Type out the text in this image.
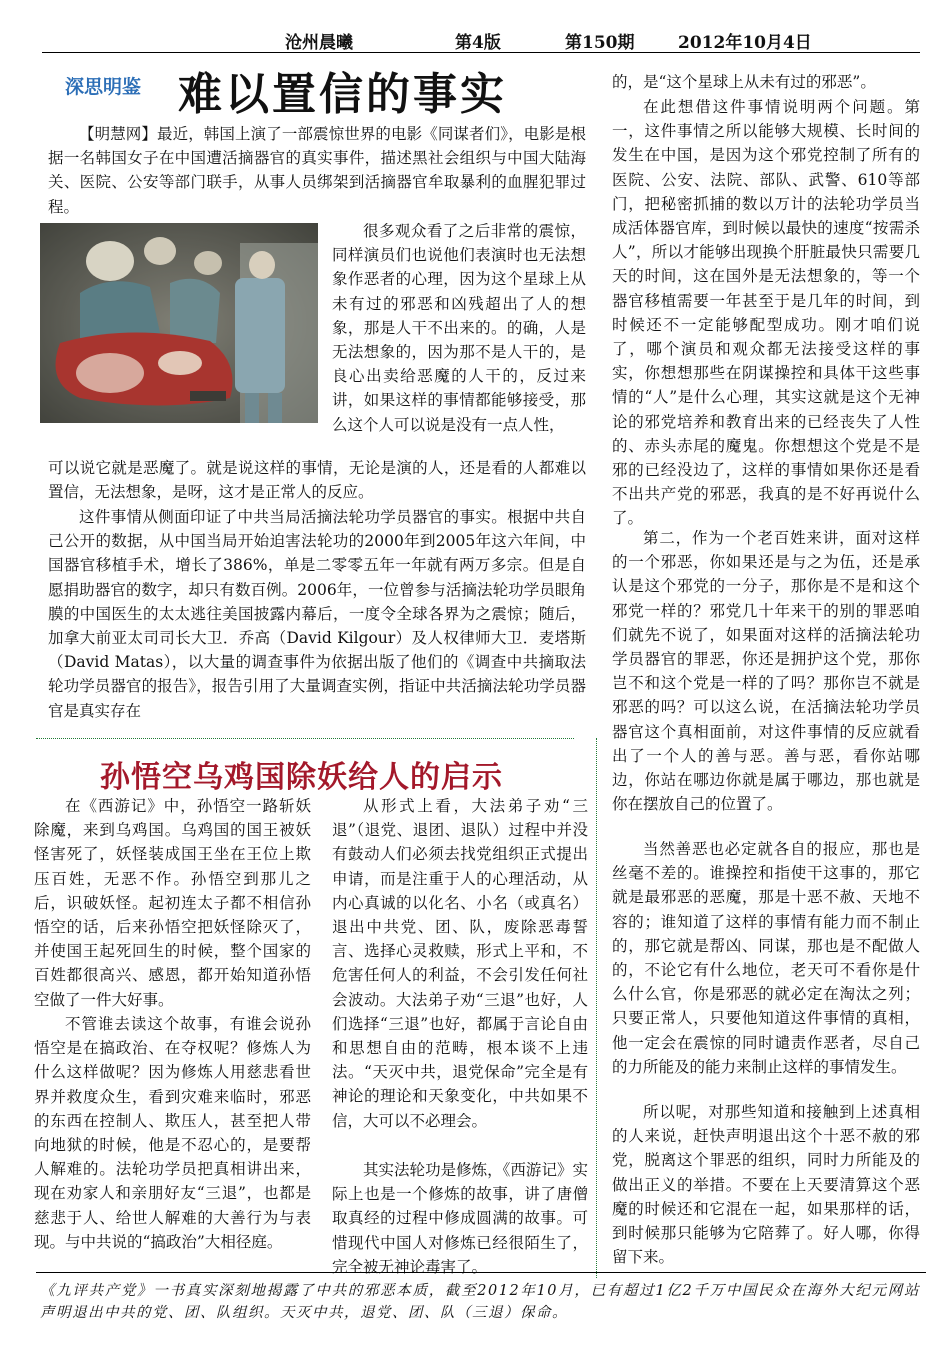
沧州晨曦	第4版	第150期	2012年10月4日
深思明鉴 难以置信的事实

【明慧网】最近，韩国上演了一部震惊世界的电影《同谋者们》，电影是根据一名韩国女子在中国遭活摘器官的真实事件，描述黑社会组织与中国大陆海关、医院、公安等部门联手，从事人员绑架到活摘器官牟取暴利的血腥犯罪过程。

很多观众看了之后非常的震惊，同样演员们也说他们表演时也无法想象作恶者的心理，因为这个星球上从未有过的邪恶和凶残超出了人的想象，那是人干不出来的。的确，人是无法想象的，因为那不是人干的，是良心出卖给恶魔的人干的，反过来讲，如果这样的事情都能够接受，那么这个人可以说是没有一点人性，

可以说它就是恶魔了。就是说这样的事情，无论是演的人，还是看的人都难以置信，无法想象，是呀，这才是正常人的反应。

这件事情从侧面印证了中共当局活摘法轮功学员器官的事实。根据中共自己公开的数据，从中国当局开始迫害法轮功的2000年到2005年这六年间，中国器官移植手术，增长了386%，单是二零零五年一年就有两万多宗。但是自愿捐助器官的数字，却只有数百例。2006年，一位曾参与活摘法轮功学员眼角膜的中国医生的太太逃往美国披露内幕后，一度令全球各界为之震惊；随后，加拿大前亚太司司长大卫．乔高（David Kilgour）及人权律师大卫．麦塔斯（David Matas），以大量的调查事件为依据出版了他们的《调查中共摘取法轮功学员器官的报告》，报告引用了大量调查实例，指证中共活摘法轮功学员器官是真实存在

的，是“这个星球上从未有过的邪恶”。

在此想借这件事情说明两个问题。第一，这件事情之所以能够大规模、长时间的发生在中国，是因为这个邪党控制了所有的医院、公安、法院、部队、武警、610等部门，把秘密抓捕的数以万计的法轮功学员当成活体器官库，到时候以最快的速度“按需杀人”，所以才能够出现换个肝脏最快只需要几天的时间，这在国外是无法想象的，等一个器官移植需要一年甚至于是几年的时间，到时候还不一定能够配型成功。刚才咱们说了，哪个演员和观众都无法接受这样的事实，你想想那些在阴谋操控和具体干这些事情的“人”是什么心理，其实这就是这个无神论的邪党培养和教育出来的已经丧失了人性的、赤头赤尾的魔鬼。你想想这个党是不是邪的已经没边了，这样的事情如果你还是看不出共产党的邪恶，我真的是不好再说什么了。

第二，作为一个老百姓来讲，面对这样的一个邪恶，你如果还是与之为伍，还是承认是这个邪党的一分子，那你是不是和这个邪党一样的？邪党几十年来干的别的罪恶咱们就先不说了，如果面对这样的活摘法轮功学员器官的罪恶，你还是拥护这个党，那你岂不和这个党是一样的了吗？那你岂不就是邪恶的吗？可以这么说，在活摘法轮功学员器官这个真相面前，对这件事情的反应就看出了一个人的善与恶。善与恶，看你站哪边，你站在哪边你就是属于哪边，那也就是你在摆放自己的位置了。

当然善恶也必定就各自的报应，那也是丝毫不差的。谁操控和指使干这事的，那它就是最邪恶的恶魔，那是十恶不赦、天地不容的；谁知道了这样的事情有能力而不制止的，那它就是帮凶、同谋，那也是不配做人的，不论它有什么地位，老天可不看你是什么什么官，你是邪恶的就必定在淘汰之列；只要正常人，只要他知道这件事情的真相，他一定会在震惊的同时谴责作恶者，尽自己的力所能及的能力来制止这样的事情发生。

所以呢，对那些知道和接触到上述真相的人来说，赶快声明退出这个十恶不赦的邪党，脱离这个罪恶的组织，同时力所能及的做出正义的举措。不要在上天要清算这个恶魔的时候还和它混在一起，如果那样的话，到时候那只能够为它陪葬了。好人哪，你得留下来。

孙悟空乌鸡国除妖给人的启示

在《西游记》中，孙悟空一路斩妖除魔，来到乌鸡国。乌鸡国的国王被妖怪害死了，妖怪装成国王坐在王位上欺压百姓，无恶不作。孙悟空到那儿之后，识破妖怪。起初连太子都不相信孙悟空的话，后来孙悟空把妖怪除灭了，并使国王起死回生的时候，整个国家的百姓都很高兴、感恩，都开始知道孙悟空做了一件大好事。

不管谁去读这个故事，有谁会说孙悟空是在搞政治、在夺权呢？修炼人为什么这样做呢？因为修炼人用慈悲看世界并救度众生，看到灾难来临时，邪恶的东西在控制人、欺压人，甚至把人带向地狱的时候，他是不忍心的，是要帮人解难的。法轮功学员把真相讲出来，现在劝家人和亲朋好友“三退”，也都是慈悲于人、给世人解难的大善行为与表现。与中共说的“搞政治”大相径庭。

从形式上看，大法弟子劝“三退”（退党、退团、退队）过程中并没有鼓动人们必须去找党组织正式提出申请，而是注重于人的心理活动，从内心真诚的以化名、小名（或真名）退出中共党、团、队，废除恶毒誓言、选择心灵救赎，形式上平和，不危害任何人的利益，不会引发任何社会波动。大法弟子劝“三退”也好，人们选择“三退”也好，都属于言论自由和思想自由的范畴，根本谈不上违法。“天灭中共，退党保命”完全是有神论的理论和天象变化，中共如果不信，大可以不必理会。

其实法轮功是修炼，《西游记》实际上也是一个修炼的故事，讲了唐僧取真经的过程中修成圆满的故事。可惜现代中国人对修炼已经很陌生了，完全被无神论毒害了。

《九评共产党》一书真实深刻地揭露了中共的邪恶本质，截至2012年10月，已有超过1亿2千万中国民众在海外大纪元网站声明退出中共的党、团、队组织。天灭中共，退党、团、队（三退）保命。
